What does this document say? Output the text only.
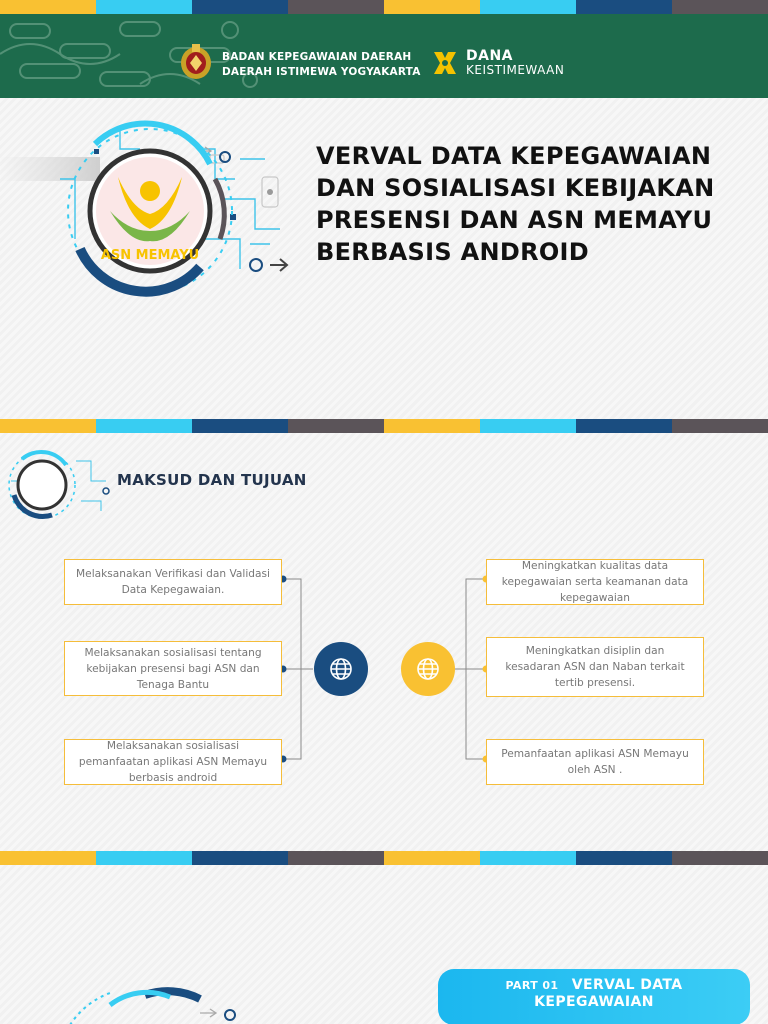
BADAN KEPEGAWAIAN DAERAH
DAERAH ISTIMEWA YOGYAKARTA
DANA
KEISTIMEWAAN
ASN MEMAYU
VERVAL DATA KEPEGAWAIAN
DAN SOSIALISASI KEBIJAKAN
PRESENSI DAN ASN MEMAYU
BERBASIS ANDROID
MAKSUD DAN TUJUAN
Melaksanakan Verifikasi dan Validasi Data Kepegawaian.
Melaksanakan sosialisasi tentang kebijakan presensi bagi ASN dan Tenaga Bantu
Melaksanakan sosialisasi pemanfaatan aplikasi ASN Memayu berbasis android
Meningkatkan kualitas data kepegawaian serta keamanan data kepegawaian
Meningkatkan disiplin dan kesadaran ASN dan Naban terkait tertib presensi.
Pemanfaatan aplikasi ASN Memayu oleh ASN .
PART 01 VERVAL DATA
KEPEGAWAIAN
